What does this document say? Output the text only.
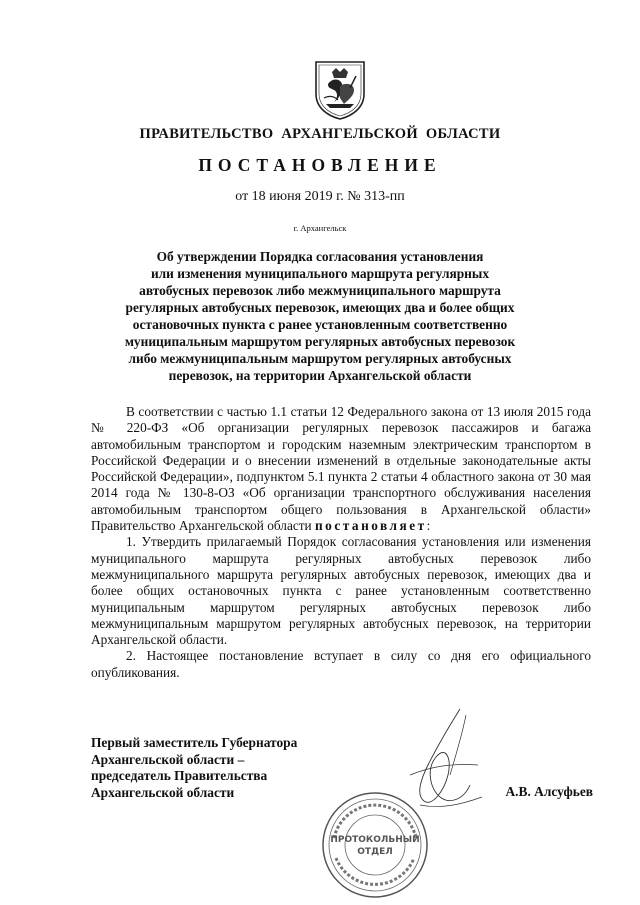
ПРАВИТЕЛЬСТВО АРХАНГЕЛЬСКОЙ ОБЛАСТИ
ПОСТАНОВЛЕНИЕ
от 18 июня 2019 г. № 313-пп
г. Архангельск
Об утверждении Порядка согласования установления
или изменения муниципального маршрута регулярных
автобусных перевозок либо межмуниципального маршрута
регулярных автобусных перевозок, имеющих два и более общих
остановочных пункта с ранее установленным соответственно
муниципальным маршрутом регулярных автобусных перевозок
либо межмуниципальным маршрутом регулярных автобусных
перевозок, на территории Архангельской области

В соответствии с частью 1.1 статьи 12 Федерального закона от 13 июля 2015 года № 220-ФЗ «Об организации регулярных перевозок пассажиров и багажа автомобильным транспортом и городским наземным электрическим транспортом в Российской Федерации и о внесении изменений в отдельные законодательные акты Российской Федерации», подпунктом 5.1 пункта 2 статьи 4 областного закона от 30 мая 2014 года № 130-8-ОЗ «Об организации транспортного обслуживания населения автомобильным транспортом общего пользования в Архангельской области» Правительство Архангельской области постановляет:

1. Утвердить прилагаемый Порядок согласования установления или изменения муниципального маршрута регулярных автобусных перевозок либо межмуниципального маршрута регулярных автобусных перевозок, имеющих два и более общих остановочных пункта с ранее установленным соответственно муниципальным маршрутом регулярных автобусных перевозок либо межмуниципальным маршрутом регулярных автобусных перевозок, на территории Архангельской области.

2. Настоящее постановление вступает в силу со дня его официального опубликования.

Первый заместитель Губернатора
Архангельской области –
председатель Правительства
Архангельской области
ПРОТОКОЛЬНЫЙ
ОТДЕЛ
А.В. Алсуфьев
